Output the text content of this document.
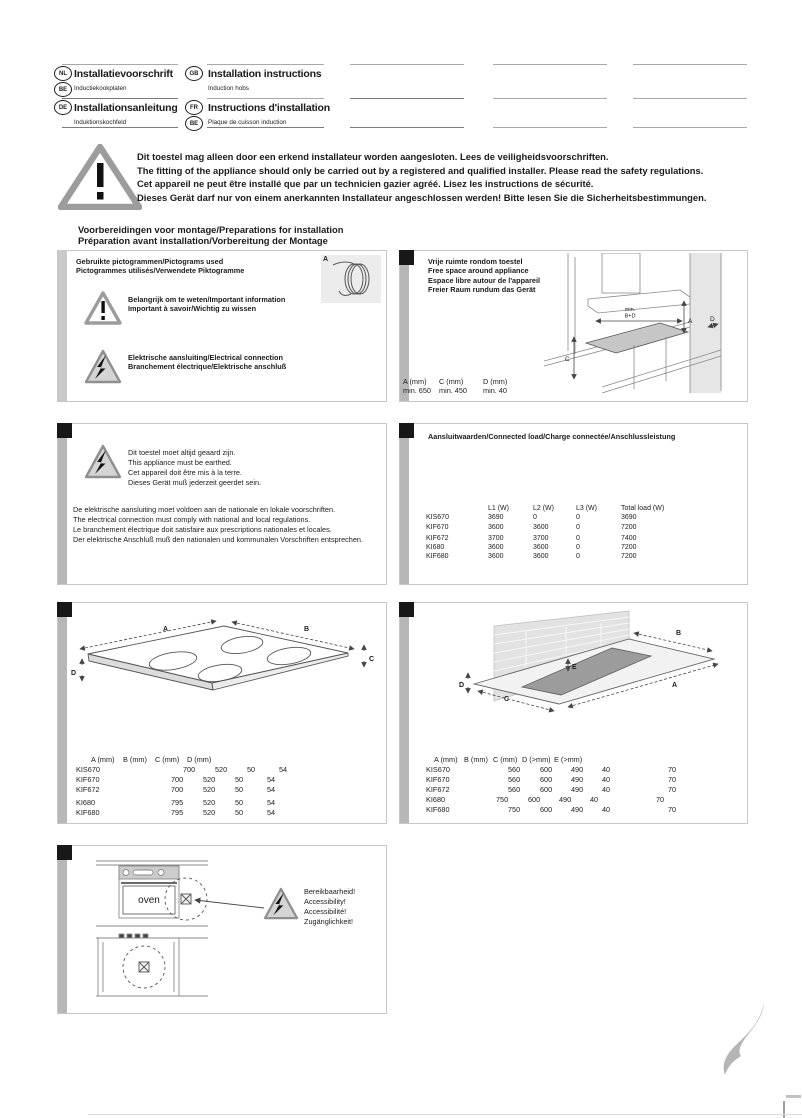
NL
BE
Installatievoorschrift
Inductiekookplaten
GB Installation instructions
Induction hobs
DE Installationsanleitung
Induktionskochfeld
FR
BE
Instructions d'installation
Plaque de cuisson induction
Dit toestel mag alleen door een erkend installateur worden aangesloten. Lees de veiligheidsvoorschriften.
The fitting of the appliance should only be carried out by a registered and qualified installer. Please read the safety regulations.
Cet appareil ne peut être installé que par un technicien gazier agréé. Lisez les instructions de sécurité.
Dieses Gerät darf nur von einem anerkannten Installateur angeschlossen werden! Bitte lesen Sie die Sicherheitsbestimmungen.
Voorbereidingen voor montage/Preparations for installation
Préparation avant installation/Vorbereitung der Montage
Gebruikte pictogrammen/Pictograms used
Pictogrammes utilisés/Verwendete Piktogramme
A
Belangrijk om te weten/Important information
Important à savoir/Wichtig zu wissen
Elektrische aansluiting/Electrical connection
Branchement électrique/Elektrische anschluß
Vrije ruimte rondom toestel
Free space around appliance
Espace libre autour de l'appareil
Freier Raum rundum das Gerät
A
min.
B+D
C
D
A (mm)	C (mm)	D (mm)
min. 650	min. 450	min. 40
Dit toestel moet altijd geaard zijn.
This appliance must be earthed.
Cet appareil doit être mis à la terre.
Dieses Gerät muß jederzeit geerdet sein.
De elektrische aansluiting moet voldoen aan de nationale en lokale voorschriften.
The electrical connection must comply with national and local regulations.
Le branchement électrique doit satisfaire aux prescriptions nationales et locales.
Der elektrische Anschluß muß den nationalen und kommunalen Vorschriften entsprechen.
Aansluitwaarden/Connected load/Charge connectée/Anschlussleistung
L1 (W)	L2 (W)	L3 (W)	Total load (W)
KIS670	3690	0	0	3690
KIF670	3600	3600	0	7200
KIF672	3700	3700	0	7400
KI680	3600	3600	0	7200
KIF680	3600	3600	0	7200
A	B
C
D
A (mm)	B (mm)	C (mm)	D (mm)
KIS670	700	520	50	54
KIF670	700	520	50	54
KIF672	700	520	50	54
KI680	795	520	50	54
KIF680	795	520	50	54
B
A
D
C
E
A (mm) B (mm) C (mm) D (>mm) E (>mm)
KIS670	560	600	490	40	70
KIF670	560	600	490	40	70
KIF672	560	600	490	40	70
KI680	750	600	490	40	70
KIF680	750	600	490	40	70
oven
Bereikbaarheid!
Accessibility!
Accessibilité!
Zugänglichkeit!
